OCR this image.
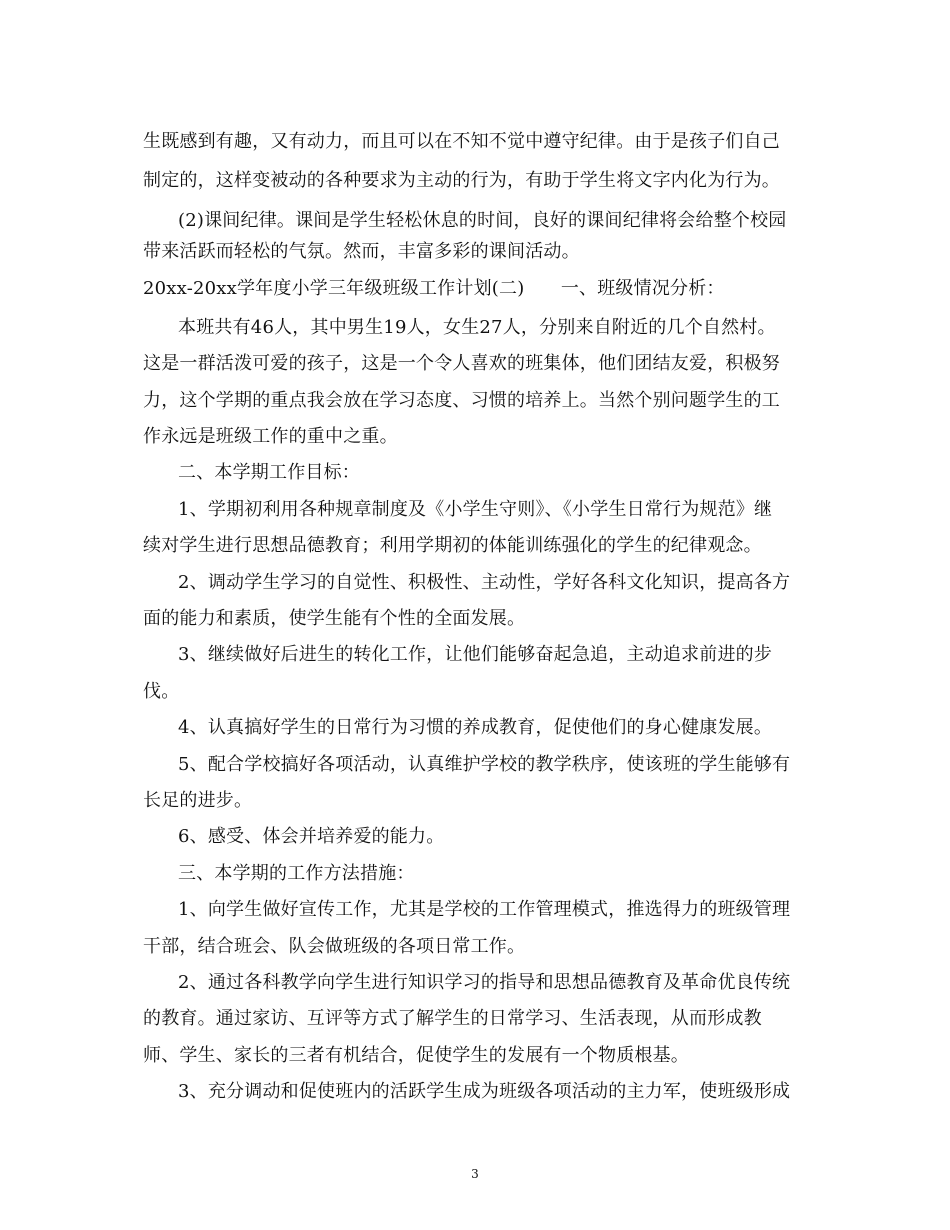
生既感到有趣，又有动力，而且可以在不知不觉中遵守纪律。由于是孩子们自己
制定的，这样变被动的各种要求为主动的行为，有助于学生将文字内化为行为。
(2)课间纪律。课间是学生轻松休息的时间，良好的课间纪律将会给整个校园
带来活跃而轻松的气氛。然而，丰富多彩的课间活动。
20xx-20xx学年度小学三年级班级工作计划(二)　　一、班级情况分析：
本班共有46人，其中男生19人，女生27人，分别来自附近的几个自然村。
这是一群活泼可爱的孩子，这是一个令人喜欢的班集体，他们团结友爱，积极努
力，这个学期的重点我会放在学习态度、习惯的培养上。当然个别问题学生的工
作永远是班级工作的重中之重。
二、本学期工作目标：
1、学期初利用各种规章制度及《小学生守则》、《小学生日常行为规范》继
续对学生进行思想品德教育；利用学期初的体能训练强化的学生的纪律观念。
2、调动学生学习的自觉性、积极性、主动性，学好各科文化知识，提高各方
面的能力和素质，使学生能有个性的全面发展。
3、继续做好后进生的转化工作，让他们能够奋起急追，主动追求前进的步
伐。
4、认真搞好学生的日常行为习惯的养成教育，促使他们的身心健康发展。
5、配合学校搞好各项活动，认真维护学校的教学秩序，使该班的学生能够有
长足的进步。
6、感受、体会并培养爱的能力。
三、本学期的工作方法措施：
1、向学生做好宣传工作，尤其是学校的工作管理模式，推选得力的班级管理
干部，结合班会、队会做班级的各项日常工作。
2、通过各科教学向学生进行知识学习的指导和思想品德教育及革命优良传统
的教育。通过家访、互评等方式了解学生的日常学习、生活表现，从而形成教
师、学生、家长的三者有机结合，促使学生的发展有一个物质根基。
3、充分调动和促使班内的活跃学生成为班级各项活动的主力军，使班级形成
3
